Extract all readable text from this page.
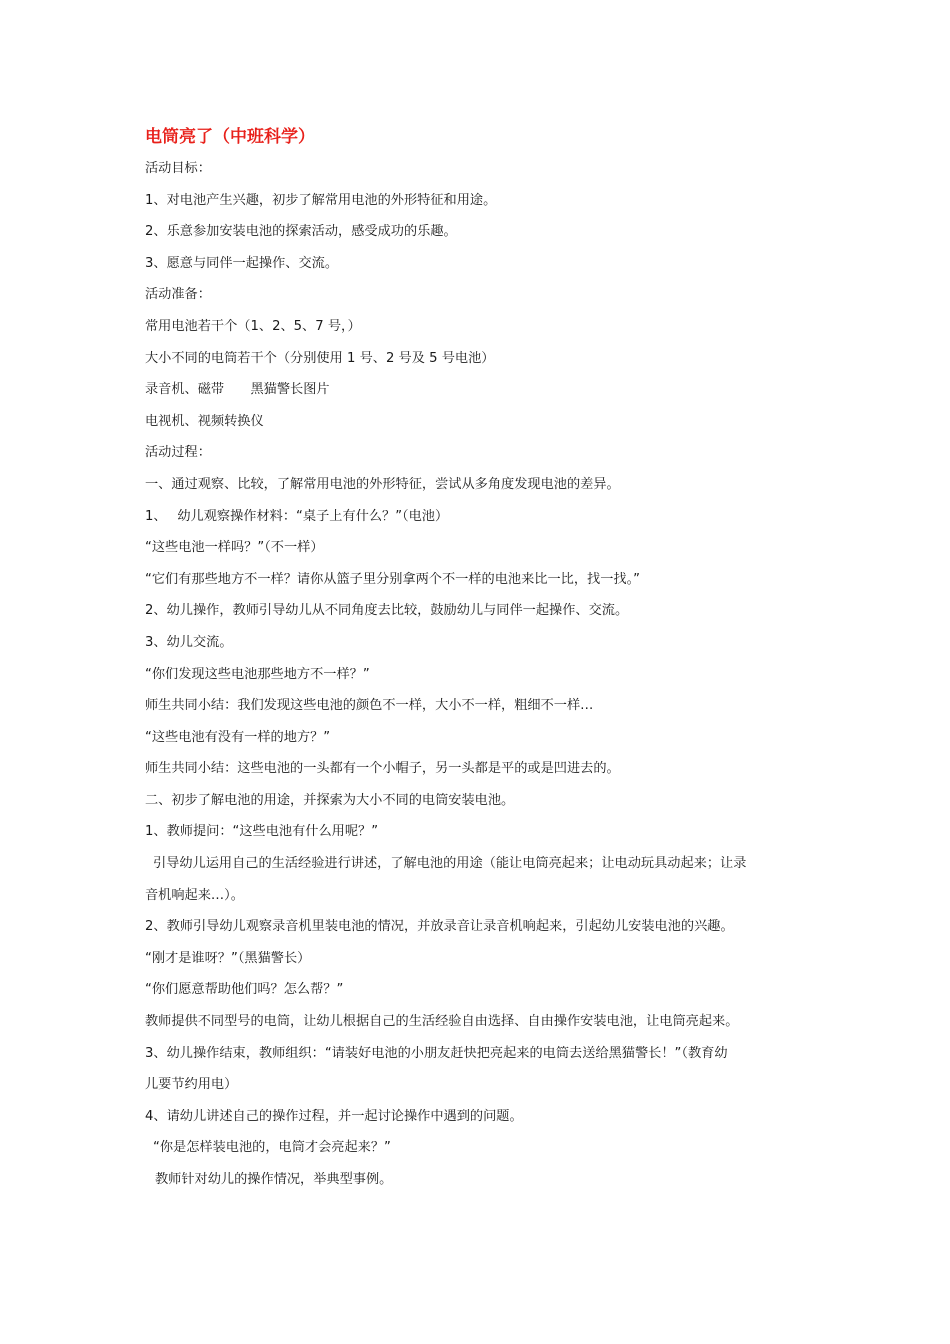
电筒亮了（中班科学）
活动目标：
1、对电池产生兴趣，初步了解常用电池的外形特征和用途。
2、乐意参加安装电池的探索活动，感受成功的乐趣。
3、愿意与同伴一起操作、交流。
活动准备：
常用电池若干个（1、2、5、7 号，）
大小不同的电筒若干个（分别使用 1 号、2 号及 5 号电池）
录音机、磁带　　黑猫警长图片
电视机、视频转换仪
活动过程：
一、通过观察、比较，了解常用电池的外形特征，尝试从多角度发现电池的差异。
1、　 幼儿观察操作材料：“桌子上有什么？”（电池）
“这些电池一样吗？”（不一样）
“它们有那些地方不一样？请你从篮子里分别拿两个不一样的电池来比一比，找一找。”
2、幼儿操作，教师引导幼儿从不同角度去比较，鼓励幼儿与同伴一起操作、交流。
3、幼儿交流。
“你们发现这些电池那些地方不一样？”
师生共同小结：我们发现这些电池的颜色不一样，大小不一样，粗细不一样…
“这些电池有没有一样的地方？”
师生共同小结：这些电池的一头都有一个小帽子，另一头都是平的或是凹进去的。
二、初步了解电池的用途，并探索为大小不同的电筒安装电池。
1、教师提问：“这些电池有什么用呢？”
引导幼儿运用自己的生活经验进行讲述，了解电池的用途（能让电筒亮起来；让电动玩具动起来；让录
音机响起来…）。
2、教师引导幼儿观察录音机里装电池的情况，并放录音让录音机响起来，引起幼儿安装电池的兴趣。
“刚才是谁呀？”（黑猫警长）
“你们愿意帮助他们吗？怎么帮？”
教师提供不同型号的电筒，让幼儿根据自己的生活经验自由选择、自由操作安装电池，让电筒亮起来。
3、幼儿操作结束，教师组织：“请装好电池的小朋友赶快把亮起来的电筒去送给黑猫警长！”（教育幼
儿要节约用电）
4、请幼儿讲述自己的操作过程，并一起讨论操作中遇到的问题。
“你是怎样装电池的，电筒才会亮起来？”
教师针对幼儿的操作情况，举典型事例。
